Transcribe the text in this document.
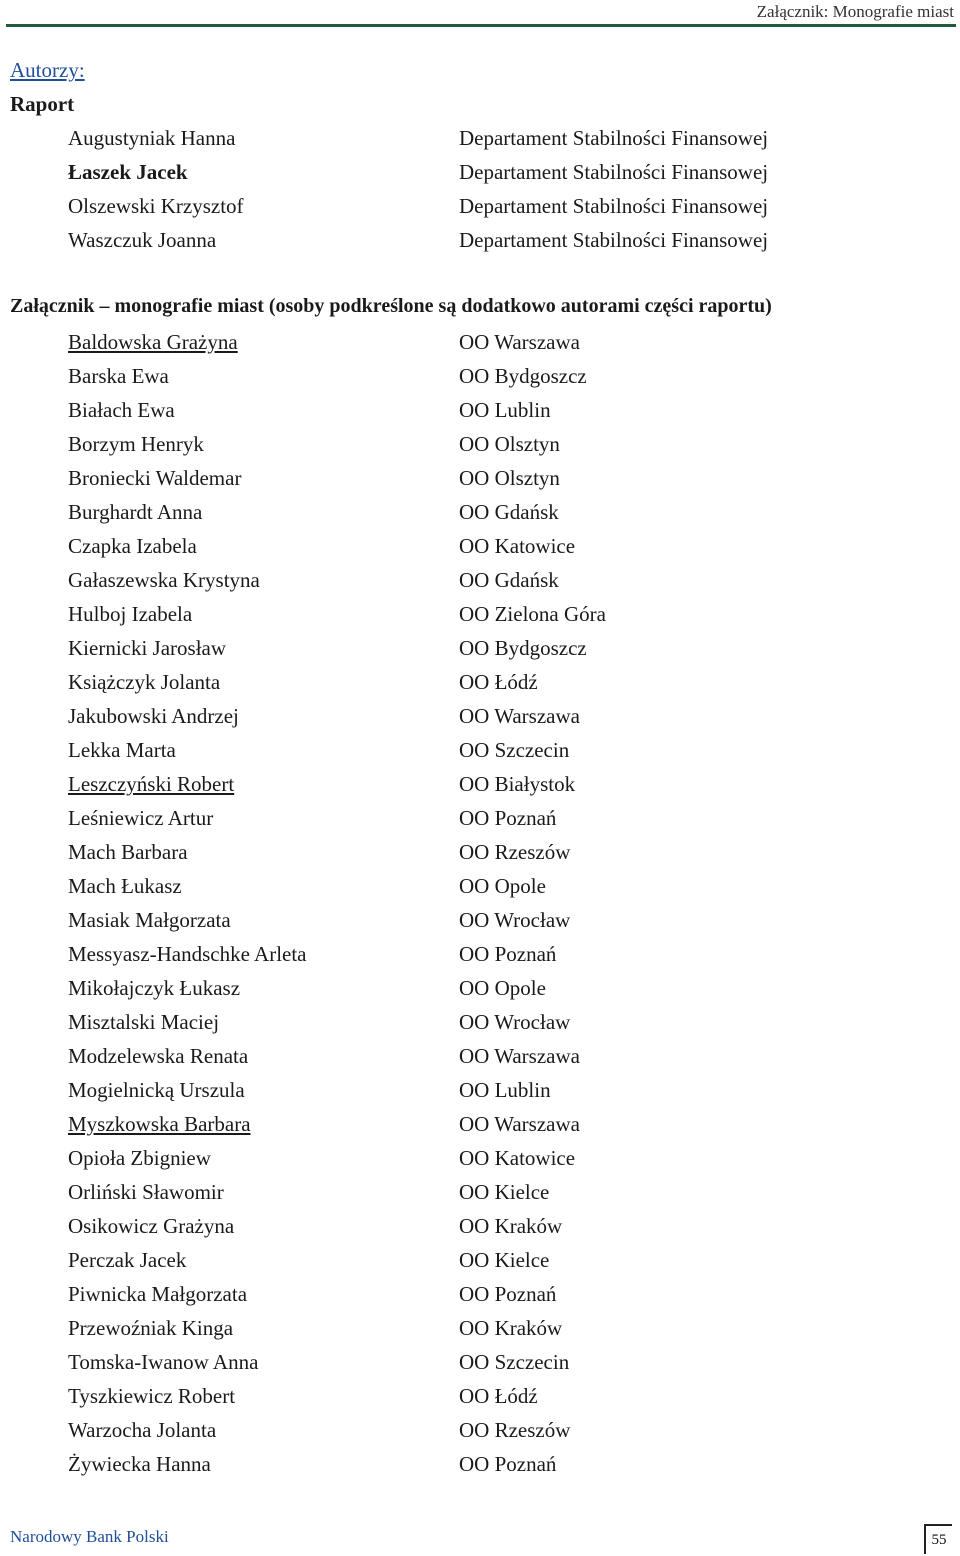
Załącznik: Monografie miast
Autorzy:
Raport
Augustyniak Hanna	Departament Stabilności Finansowej
Łaszek Jacek	Departament Stabilności Finansowej
Olszewski Krzysztof	Departament Stabilności Finansowej
Waszczuk Joanna	Departament Stabilności Finansowej
Załącznik – monografie miast (osoby podkreślone są dodatkowo autorami części raportu)
Baldowska Grażyna	OO Warszawa
Barska Ewa	OO Bydgoszcz
Białach Ewa	OO Lublin
Borzym Henryk	OO Olsztyn
Broniecki Waldemar	OO Olsztyn
Burghardt Anna	OO Gdańsk
Czapka Izabela	OO Katowice
Gałaszewska Krystyna	OO Gdańsk
Hulboj Izabela	OO Zielona Góra
Kiernicki Jarosław	OO Bydgoszcz
Książczyk Jolanta	OO Łódź
Jakubowski Andrzej	OO Warszawa
Lekka Marta	OO Szczecin
Leszczyński Robert	OO Białystok
Leśniewicz Artur	OO Poznań
Mach Barbara	OO Rzeszów
Mach Łukasz	OO Opole
Masiak Małgorzata	OO Wrocław
Messyasz-Handschke Arleta	OO Poznań
Mikołajczyk Łukasz	OO Opole
Misztalski Maciej	OO Wrocław
Modzelewska Renata	OO Warszawa
Mogielnicką Urszula	OO Lublin
Myszkowska Barbara	OO Warszawa
Opioła Zbigniew	OO Katowice
Orliński Sławomir	OO Kielce
Osikowicz Grażyna	OO Kraków
Perczak Jacek	OO Kielce
Piwnicka Małgorzata	OO Poznań
Przewoźniak Kinga	OO Kraków
Tomska-Iwanow Anna	OO Szczecin
Tyszkiewicz Robert	OO Łódź
Warzocha Jolanta	OO Rzeszów
Żywiecka Hanna	OO Poznań
Narodowy Bank Polski	55
